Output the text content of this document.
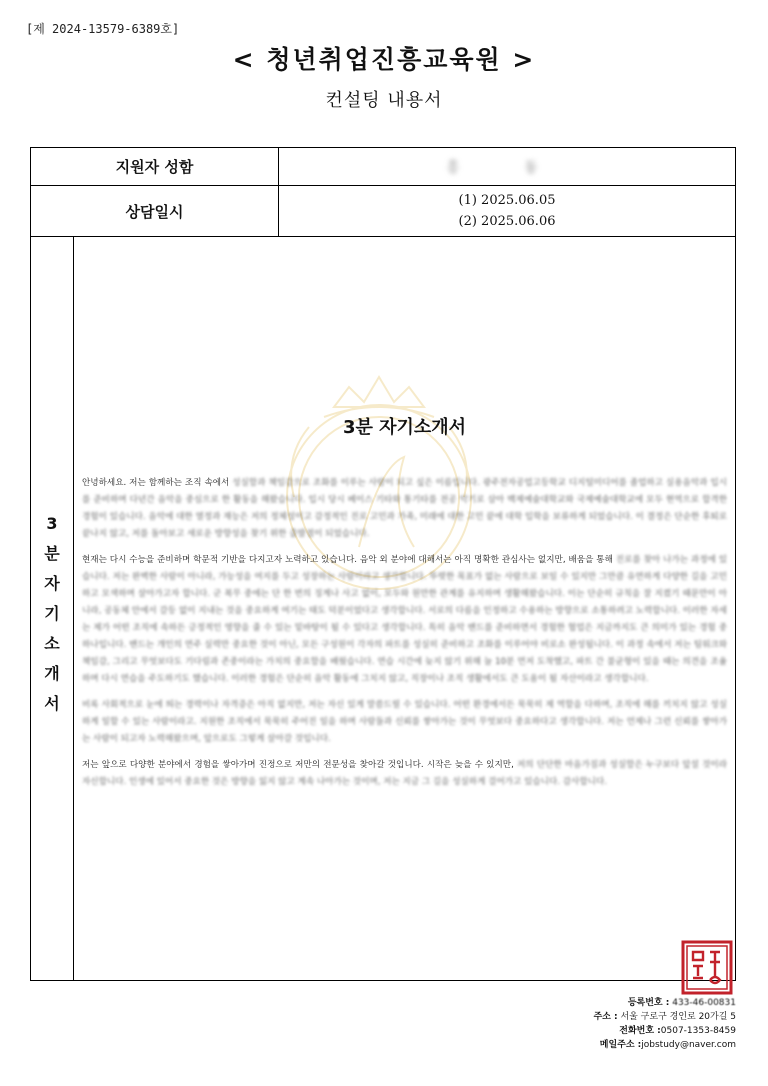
[제 2024-13579-6389호]
< 청년취업진흥교육원 >
컨설팅 내용서
지원자 성함	홍 동
상담일시
(1) 2025.06.05
(2) 2025.06.06
3
분
자
기
소
개
서
3분 자기소개서

안녕하세요. 저는 함께하는 조직 속에서 성실함과 책임감으로 조화를 이루는 사람이 되고 싶은 이름입니다. 광주전자공업고등학교 디지털미디어를 졸업하고 실용음악과 입시를 준비하며 다년간 음악을 중심으로 한 활동을 해왔습니다. 입시 당시 베이스 기타와 통기타를 전공 악기로 삼아 백제예술대학교와 국제예술대학교에 모두 현역으로 합격한 경험이 있습니다. 음악에 대한 열정과 재능은 저의 정체성이고 감정적인 진로 고민과 가족, 미래에 대한 고민 끝에 대학 입학을 보류하게 되었습니다. 이 결정은 단순한 후퇴로 끝나지 않고, 저를 돌아보고 새로운 방향성을 찾기 위한 출발점이 되었습니다.

현재는 다시 수능을 준비하며 학문적 기반을 다지고자 노력하고 있습니다. 음악 외 분야에 대해서는 아직 명확한 관심사는 없지만, 배움을 통해 진로를 찾아 나가는 과정에 있습니다. 저는 완벽한 사람이 아니라, 가능성을 여지를 두고 성장하는 사람이라고 생각합니다. 뚜렷한 목표가 없는 사람으로 보일 수 있지만 그만큼 유연하게 다양한 길을 고민하고 모색하며 살아가고자 합니다. 군 복무 중에는 단 한 번의 징계나 사고 없이, 모두와 원만한 관계를 유지하며 생활해왔습니다. 이는 단순히 규칙을 잘 지켰기 때문만이 아니라, 공동체 안에서 갈등 없이 지내는 것을 중요하게 여기는 태도 덕분이었다고 생각합니다. 서로의 다름을 인정하고 수용하는 방향으로 소통하려고 노력합니다. 이러한 자세는 제가 어떤 조직에 속하든 긍정적인 영향을 줄 수 있는 밑바탕이 될 수 있다고 생각합니다. 특히 음악 밴드를 준비하면서 경험한 협업은 지금까지도 큰 의미가 있는 경험 중 하나입니다. 밴드는 개인의 연주 실력만 중요한 것이 아닌, 모든 구성원이 각자의 파트를 성실히 준비하고 조화를 이루어야 비로소 완성됩니다. 이 과정 속에서 저는 팀워크와 책임감, 그리고 무엇보다도 기다림과 존중이라는 가치의 중요함을 배웠습니다. 연습 시간에 늦지 않기 위해 늘 10분 먼저 도착했고, 파트 간 불균형이 있을 때는 의견을 조율하며 다시 연습을 주도하기도 했습니다. 이러한 경험은 단순히 음악 활동에 그치지 않고, 직장이나 조직 생활에서도 큰 도움이 될 자산이라고 생각합니다.

비록 사회적으로 눈에 띄는 경력이나 자격증은 아직 없지만, 저는 자신 있게 말씀드릴 수 있습니다. 어떤 환경에서든 묵묵히 제 역할을 다하며, 조직에 해를 끼치지 않고 성실하게 일할 수 있는 사람이라고. 지원한 조직에서 묵묵히 주어진 일을 하며 사람들과 신뢰를 쌓아가는 것이 무엇보다 중요하다고 생각합니다. 저는 언제나 그런 신뢰를 쌓아가는 사람이 되고자 노력해왔으며, 앞으로도 그렇게 살아갈 것입니다.

저는 앞으로 다양한 분야에서 경험을 쌓아가며 진정으로 저만의 전문성을 찾아갈 것입니다. 시작은 늦을 수 있지만, 저의 단단한 마음가짐과 성실함은 누구보다 앞설 것이라 자신합니다. 인생에 있어서 중요한 것은 방향을 잃지 않고 계속 나아가는 것이며, 저는 지금 그 길을 성실하게 걸어가고 있습니다. 감사합니다.

등록번호 : 433-46-00831
주소 : 서울 구로구 경인로 20가길 5
전화번호 :0507-1353-8459
메일주소 :jobstudy@naver.com
